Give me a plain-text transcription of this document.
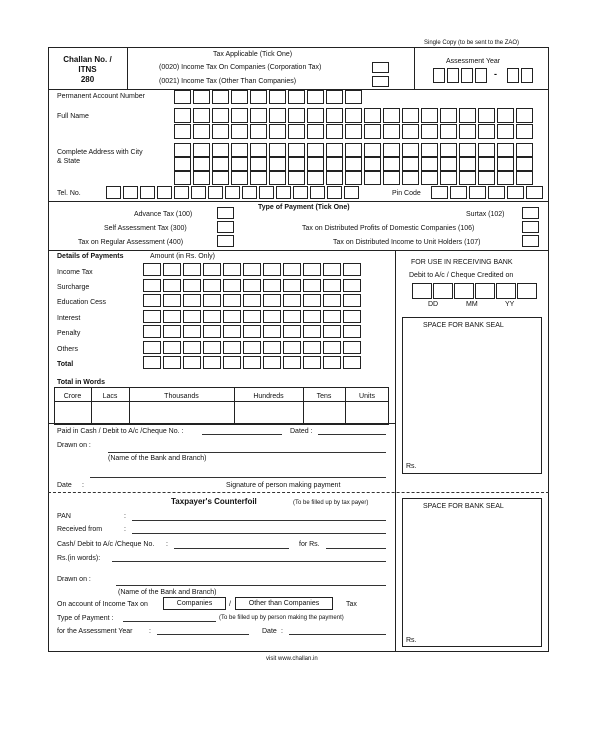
Single Copy (to be sent to the ZAO)
Challan No. /
ITNS
280
Tax Applicable (Tick One)
(0020) Income Tax On Companies (Corporation Tax)
(0021) Income Tax (Other Than Companies)
Assessment Year
-
Permanent Account Number
Full Name
Complete Address with City
& State
Tel. No.	Pin Code
Type of Payment (Tick One)
Advance Tax (100)
Self Assessment Tax (300)
Tax on Regular Assessment (400)
Surtax (102)
Tax on Distributed Profits of Domestic Companies (106)
Tax on Distributed Income to Unit Holders (107)
Details of Payments	Amount (in Rs. Only)
Income Tax
Surcharge
Education Cess
Interest
Penalty
Others
Total
Total in Words
Crore	Lacs	Thousands	Hundreds	Tens	Units
FOR USE IN RECEIVING BANK
Debit to A/c / Cheque Credited on
DD	MM	YY
SPACE FOR BANK SEAL
Rs.
Paid in Cash / Debit to A/c /Cheque No. :	Dated :
Drawn on :
(Name of the Bank and Branch)
Date :	Signature of person making payment
Taxpayer's Counterfoil	(To be filled up by tax payer)
PAN	:
Received from	:
Cash/ Debit to A/c /Cheque No. :	for Rs.
Rs.(in words):
Drawn on :
(Name of the Bank and Branch)
On account of Income Tax on	Companies	/	Other than Companies	Tax
Type of Payment :	(To be filled up by person making the payment)
for the Assessment Year :	Date :
SPACE FOR BANK SEAL
Rs.
visit www.challan.in
